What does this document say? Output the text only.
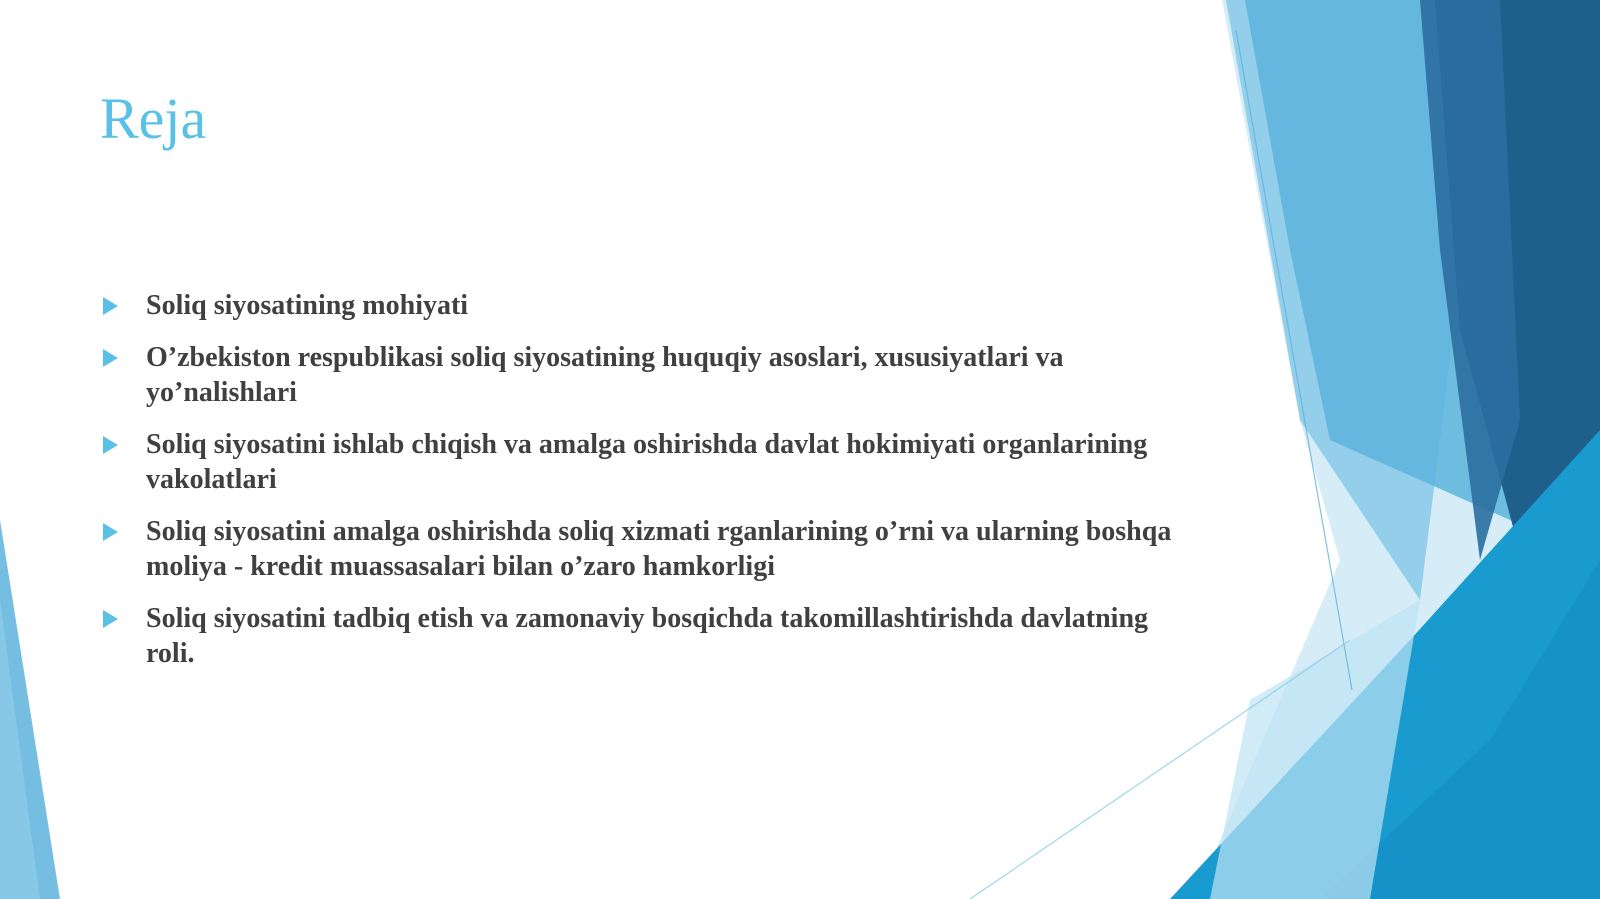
Reja
Soliq siyosatining mohiyati
O’zbekiston respublikasi soliq siyosatining huquqiy asoslari, xususiyatlari va yo’nalishlari
Soliq siyosatini ishlab chiqish va amalga oshirishda davlat hokimiyati organlarining vakolatlari
Soliq siyosatini amalga oshirishda soliq xizmati rganlarining o’rni va ularning boshqa moliya - kredit muassasalari bilan o’zaro hamkorligi
Soliq siyosatini tadbiq etish va zamonaviy bosqichda takomillashtirishda davlatning roli.
